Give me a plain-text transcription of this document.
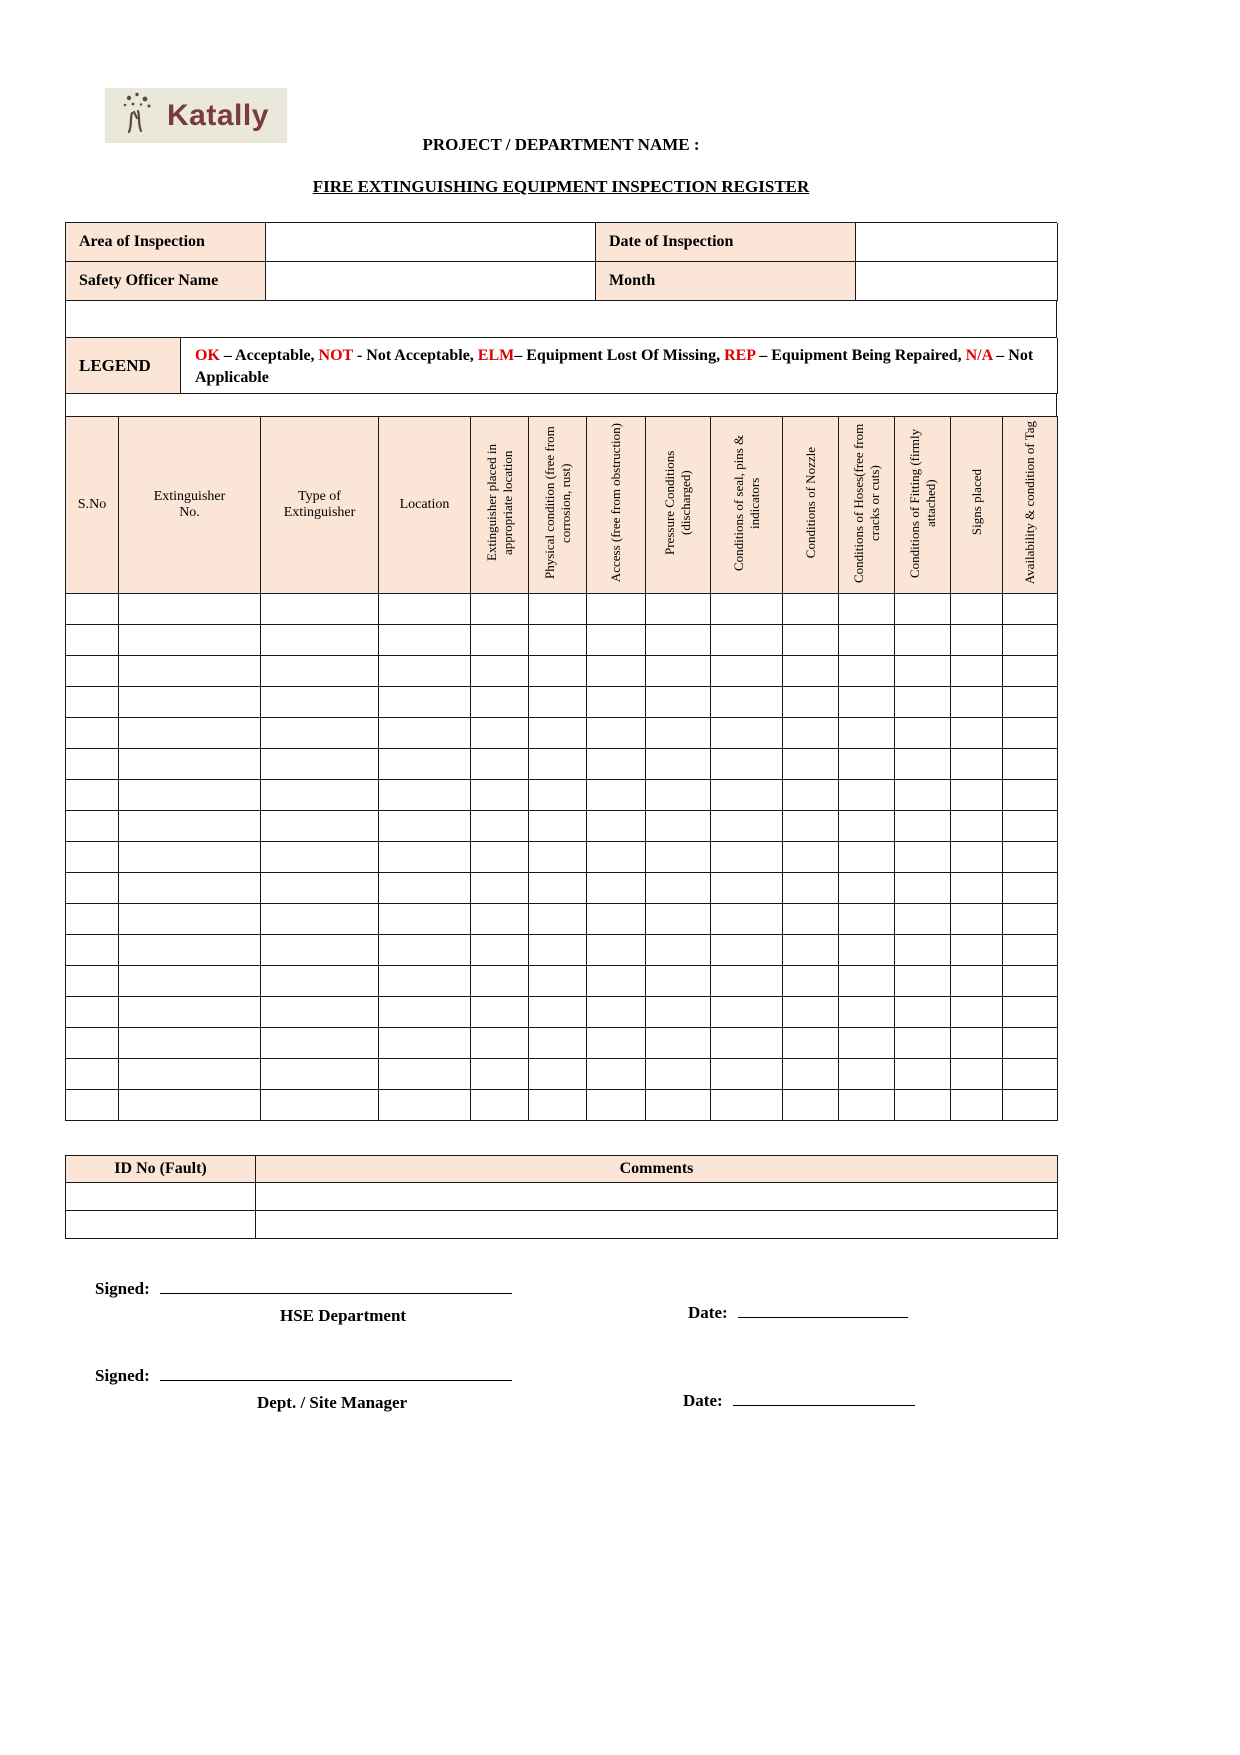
Katally
PROJECT / DEPARTMENT NAME :
FIRE EXTINGUISHING EQUIPMENT INSPECTION REGISTER
Area of Inspection	Date of Inspection
Safety Officer Name	Month
LEGEND	OK – Acceptable, NOT - Not Acceptable, ELM– Equipment Lost Of Missing, REP – Equipment Being Repaired, N/A – Not Applicable
S.No	Extinguisher No.	Type of Extinguisher	Location	Extinguisher placed in appropriate location	Physical condition (free from corrosion, rust)	Access (free from obstruction)	Pressure Conditions (discharged)	Conditions of seal, pins & indicators	Conditions of Nozzle	Conditions of Hoses(free from cracks or cuts)	Conditions of Fitting (firmly attached)	Signs placed	Availability & condition of Tag

ID No (Fault)	Comments

Signed:
HSE Department	Date:
Signed:
Dept. / Site Manager	Date:
